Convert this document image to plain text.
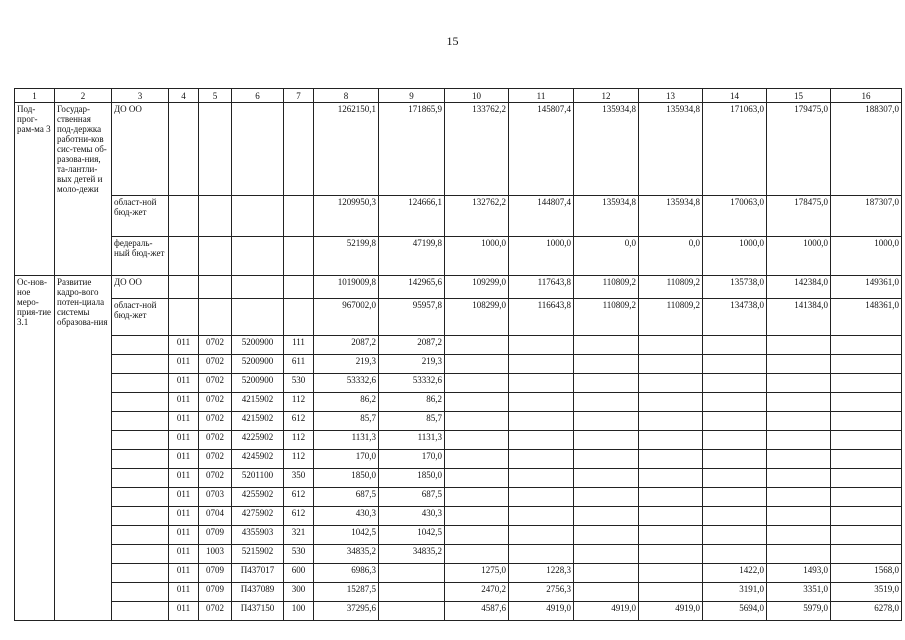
15
1	2	3	4	5	6	7	8	9	10	11	12	13	14	15	16
Под-прог-рам-ма 3	Государ-ственная под-держка работни-ков сис-темы об-разова-ния, та-лантли-вых детей и моло-дежи	ДО ОО					1262150,1	171865,9	133762,2	145807,4	135934,8	135934,8	171063,0	179475,0	188307,0
		област-ной бюд-жет					1209950,3	124666,1	132762,2	144807,4	135934,8	135934,8	170063,0	178475,0	187307,0
		федераль-ный бюд-жет					52199,8	47199,8	1000,0	1000,0	0,0	0,0	1000,0	1000,0	1000,0
Ос-нов-ное меро-прия-тие 3.1	Развитие кадро-вого потен-циала системы образова-ния	ДО ОО					1019009,8	142965,6	109299,0	117643,8	110809,2	110809,2	135738,0	142384,0	149361,0
		област-ной бюд-жет					967002,0	95957,8	108299,0	116643,8	110809,2	110809,2	134738,0	141384,0	148361,0
			011	0702	5200900	111	2087,2	2087,2							
			011	0702	5200900	611	219,3	219,3							
			011	0702	5200900	530	53332,6	53332,6							
			011	0702	4215902	112	86,2	86,2							
			011	0702	4215902	612	85,7	85,7							
			011	0702	4225902	112	1131,3	1131,3							
			011	0702	4245902	112	170,0	170,0							
			011	0702	5201100	350	1850,0	1850,0							
			011	0703	4255902	612	687,5	687,5							
			011	0704	4275902	612	430,3	430,3							
			011	0709	4355903	321	1042,5	1042,5							
			011	1003	5215902	530	34835,2	34835,2							
			011	0709	П437017	600	6986,3		1275,0	1228,3			1422,0	1493,0	1568,0
			011	0709	П437089	300	15287,5		2470,2	2756,3			3191,0	3351,0	3519,0
			011	0702	П437150	100	37295,6		4587,6	4919,0	4919,0	4919,0	5694,0	5979,0	6278,0
